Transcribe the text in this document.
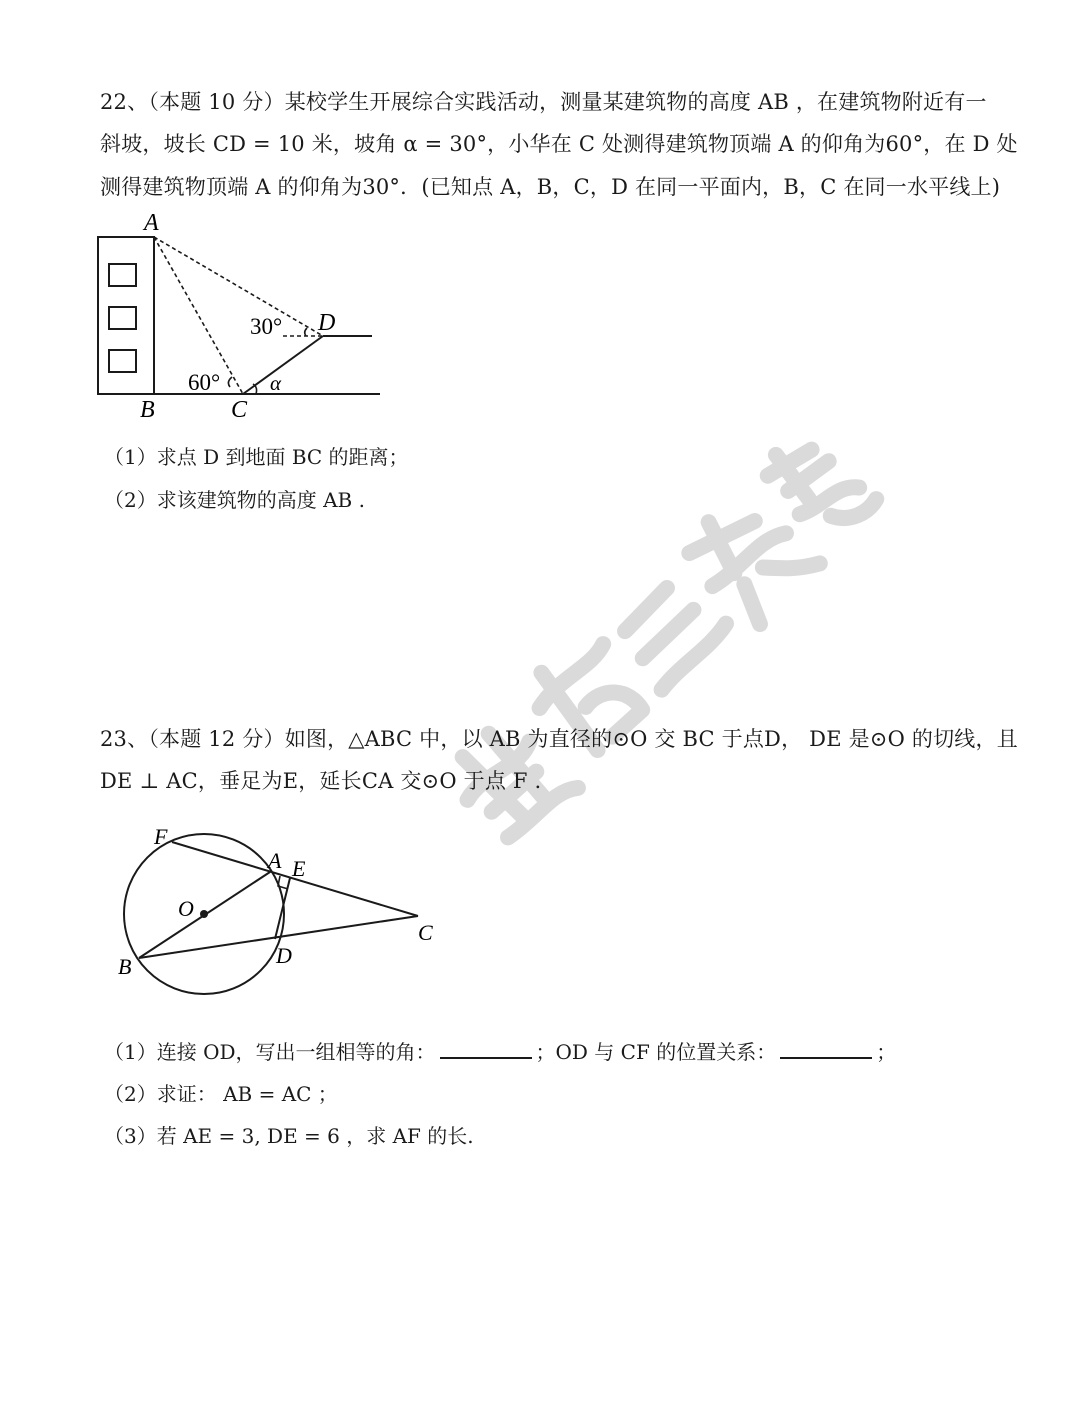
22、（本题 10 分）某校学生开展综合实践活动，测量某建筑物的高度 AB ，在建筑物附近有一
斜坡，坡长 CD = 10 米，坡角 α = 30°，小华在 C 处测得建筑物顶端 A 的仰角为60°，在 D 处
测得建筑物顶端 A 的仰角为30°．(已知点 A，B，C，D 在同一平面内，B，C 在同一水平线上)
A
B	C
D
30°
60° α
（1）求点 D 到地面 BC 的距离；
（2）求该建筑物的高度 AB .
23、（本题 12 分）如图，△ABC 中，以 AB 为直径的⊙O 交 BC 于点D， DE 是⊙O 的切线，且
DE ⊥ AC，垂足为E，延长CA 交⊙O 于点 F .
F
A E
O
B	D
C
（1）连接 OD，写出一组相等的角：	；OD 与 CF 的位置关系：	；
（2）求证： AB = AC ；
（3）若 AE = 3, DE = 6 ，求 AF 的长.
